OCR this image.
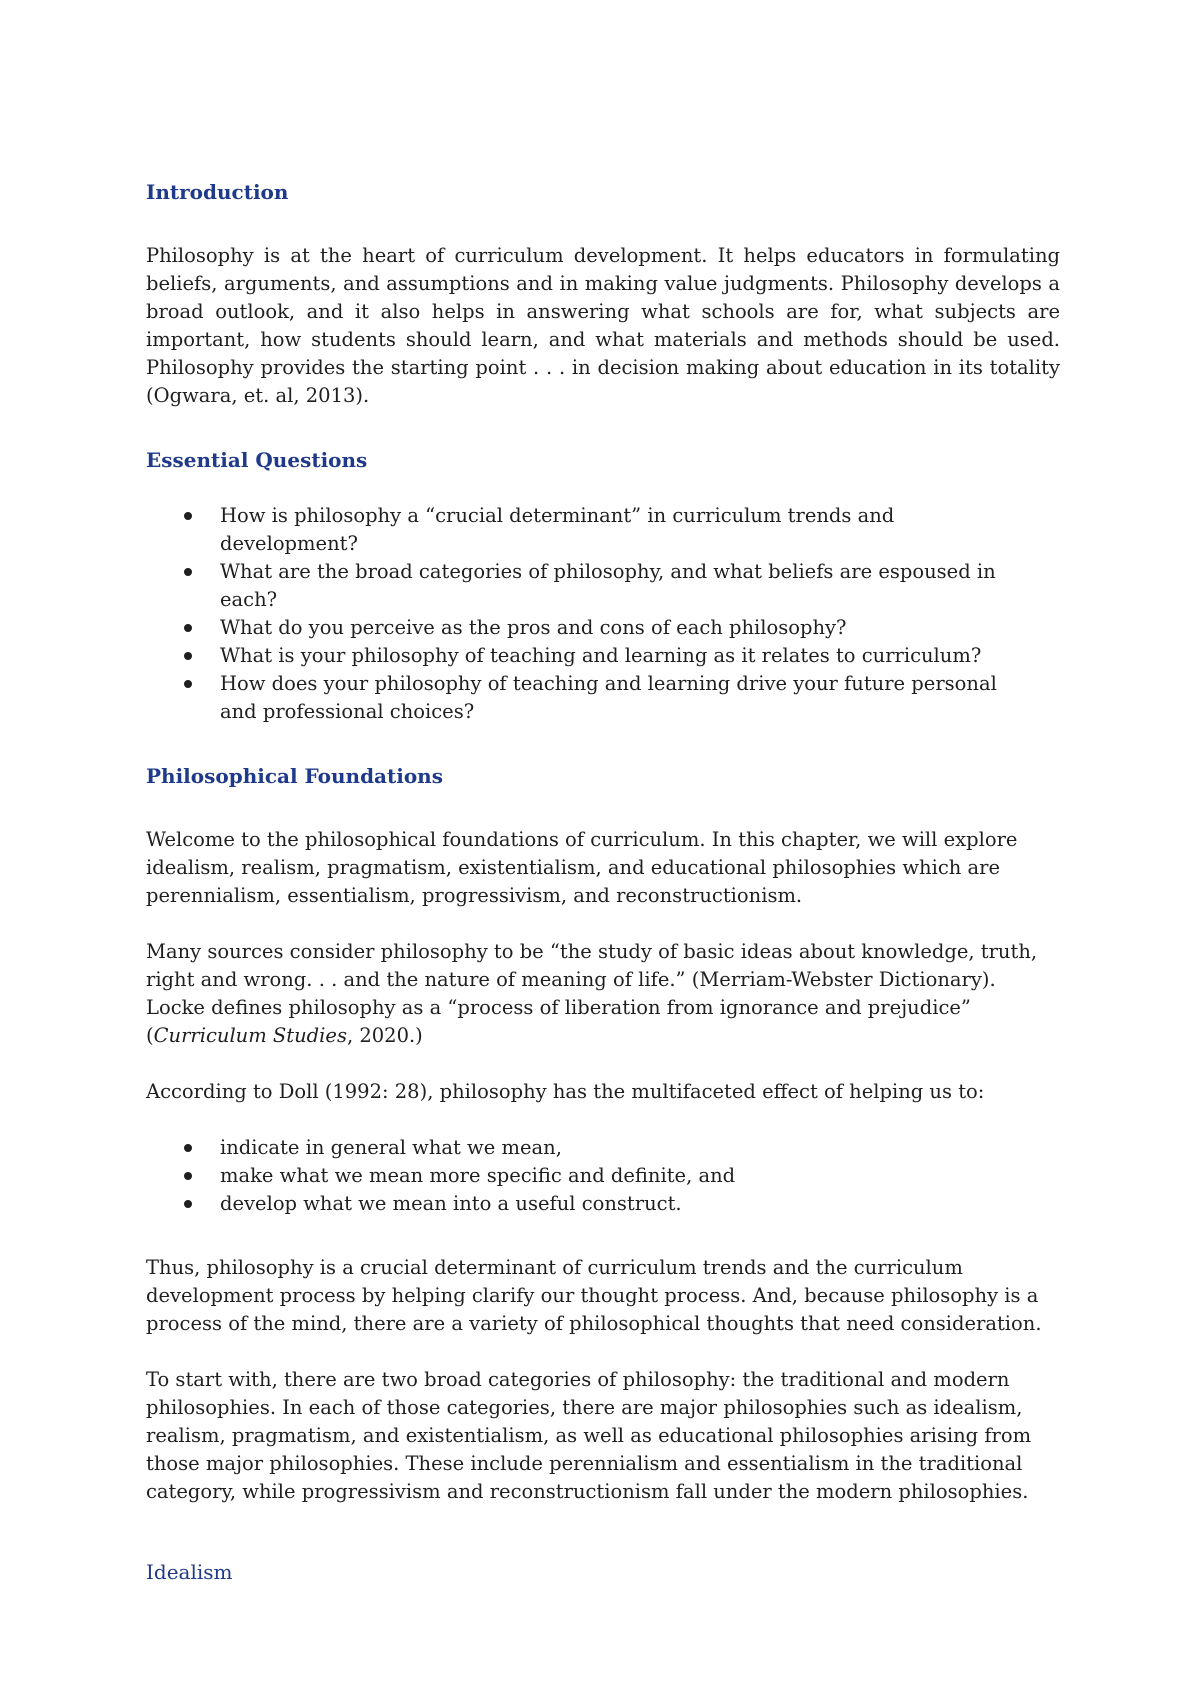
Introduction

Philosophy is at the heart of curriculum development. It helps educators in formulating beliefs, arguments, and assumptions and in making value judgments. Philosophy develops a broad outlook, and it also helps in answering what schools are for, what subjects are important, how students should learn, and what materials and methods should be used. Philosophy provides the starting point . . . in decision making about education in its totality (Ogwara, et. al, 2013).

Essential Questions
How is philosophy a “crucial determinant” in curriculum trends and development?
What are the broad categories of philosophy, and what beliefs are espoused in each?
What do you perceive as the pros and cons of each philosophy?
What is your philosophy of teaching and learning as it relates to curriculum?
How does your philosophy of teaching and learning drive your future personal and professional choices?
Philosophical Foundations

Welcome to the philosophical foundations of curriculum. In this chapter, we will explore idealism, realism, pragmatism, existentialism, and educational philosophies which are perennialism, essentialism, progressivism, and reconstructionism.

Many sources consider philosophy to be “the study of basic ideas about knowledge, truth, right and wrong. . . and the nature of meaning of life.” (Merriam-Webster Dictionary). Locke defines philosophy as a “process of liberation from ignorance and prejudice” (Curriculum Studies, 2020.)

According to Doll (1992: 28), philosophy has the multifaceted effect of helping us to:

indicate in general what we mean,
make what we mean more specific and definite, and
develop what we mean into a useful construct.

Thus, philosophy is a crucial determinant of curriculum trends and the curriculum development process by helping clarify our thought process. And, because philosophy is a process of the mind, there are a variety of philosophical thoughts that need consideration.

To start with, there are two broad categories of philosophy: the traditional and modern philosophies. In each of those categories, there are major philosophies such as idealism, realism, pragmatism, and existentialism, as well as educational philosophies arising from those major philosophies. These include perennialism and essentialism in the traditional category, while progressivism and reconstructionism fall under the modern philosophies.

Idealism
